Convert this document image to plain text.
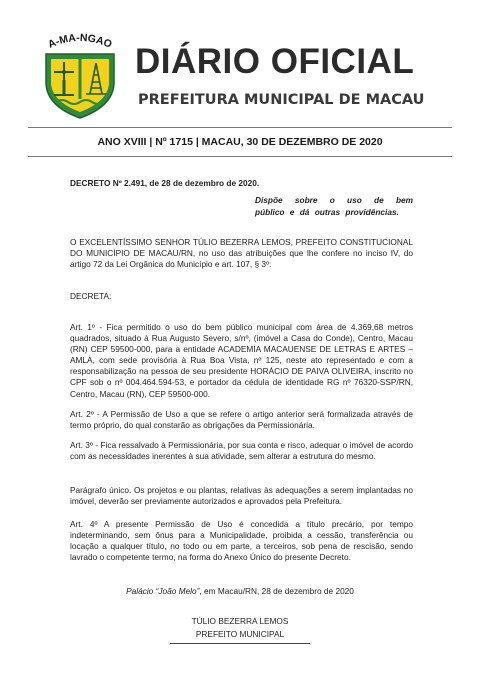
A-MA-NGAO DIÁRIO OFICIAL
PREFEITURA MUNICIPAL DE MACAU
ANO XVIII | Nº 1715 | MACAU, 30 DE DEZEMBRO DE 2020
DECRETO Nº 2.491, de 28 de dezembro de 2020.
Dispõe sobre o uso de bem público e dá outras providências.
O EXCELENTÍSSIMO SENHOR TÚLIO BEZERRA LEMOS, PREFEITO CONSTITUCIONAL DO MUNICÍPIO DE MACAU/RN, no uso das atribuições que lhe confere no inciso IV, do artigo 72 da Lei Orgânica do Município e art. 107, § 3º:
DECRETA:
Art. 1º - Fica permitido o uso do bem público municipal com área de 4.369,68 metros quadrados, situado à Rua Augusto Severo, s/nº, (imóvel a Casa do Conde), Centro, Macau (RN) CEP 59500-000, para a entidade ACADEMIA MACAUENSE DE LETRAS E ARTES – AMLA, com sede provisória à Rua Boa Vista, nº 125, neste ato representado e com a responsabilização na pessoa de seu presidente HORÁCIO DE PAIVA OLIVEIRA, inscrito no CPF sob o nº 004.464.594-53, e portador da cédula de identidade RG nº 76320-SSP/RN, Centro, Macau (RN), CEP 59500-000.
Art. 2º - A Permissão de Uso a que se refere o artigo anterior será formalizada através de termo próprio, do qual constarão as obrigações da Permissionária.
Art. 3º - Fica ressalvado à Permissionária, por sua conta e risco, adequar o imóvel de acordo com as necessidades inerentes à sua atividade, sem alterar a estrutura do mesmo.
Parágrafo único. Os projetos e ou plantas, relativas às adequações a serem implantadas no imóvel, deverão ser previamente autorizados e aprovados pela Prefeitura.
Art. 4º A presente Permissão de Uso é concedida a título precário, por tempo indeterminando, sem ônus para a Municipalidade, proibida a cessão, transferência ou locação a qualquer título, no todo ou em parte, a terceiros, sob pena de rescisão, sendo lavrado o competente termo, na forma do Anexo Único do presente Decreto.
Palácio “João Melo”, em Macau/RN, 28 de dezembro de 2020
TÚLIO BEZERRA LEMOS
PREFEITO MUNICIPAL
